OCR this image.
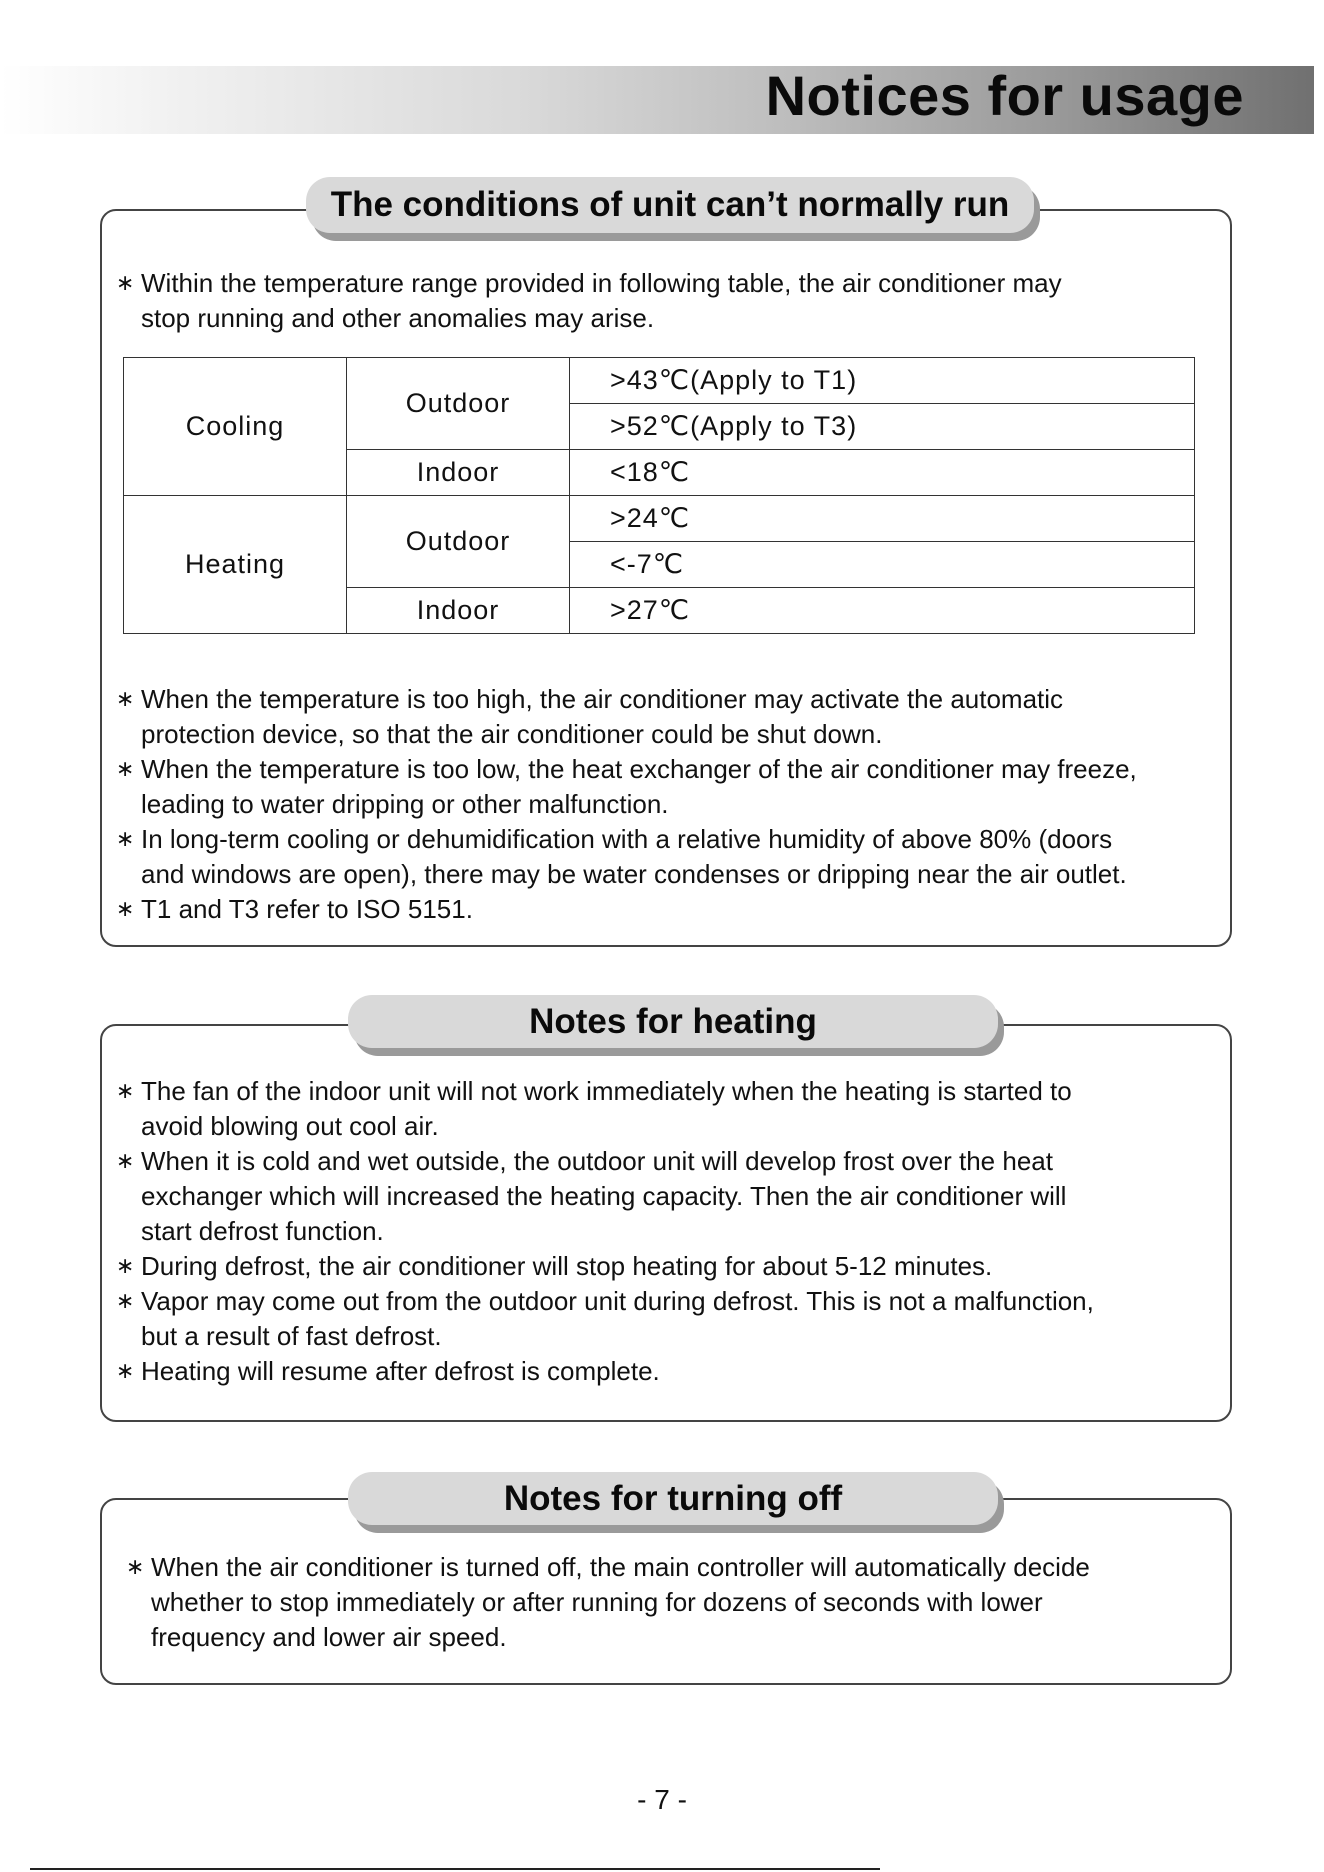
Notices for usage
The conditions of unit can’t normally run
∗ Within the temperature range provided in following table, the air conditioner may
stop running and other anomalies may arise.
Cooling	Outdoor	>43℃(Apply to T1)
		>52℃(Apply to T3)
	Indoor	<18℃
Heating	Outdoor	>24℃
		<-7℃
	Indoor	>27℃
∗ When the temperature is too high, the air conditioner may activate the automatic
protection device, so that the air conditioner could be shut down.
∗ When the temperature is too low, the heat exchanger of the air conditioner may freeze,
leading to water dripping or other malfunction.
∗ In long-term cooling or dehumidification with a relative humidity of above 80% (doors
and windows are open), there may be water condenses or dripping near the air outlet.
∗ T1 and T3 refer to ISO 5151.
Notes for heating
∗ The fan of the indoor unit will not work immediately when the heating is started to
avoid blowing out cool air.
∗ When it is cold and wet outside, the outdoor unit will develop frost over the heat
exchanger which will increased the heating capacity. Then the air conditioner will
start defrost function.
∗ During defrost, the air conditioner will stop heating for about 5-12 minutes.
∗ Vapor may come out from the outdoor unit during defrost. This is not a malfunction,
but a result of fast defrost.
∗ Heating will resume after defrost is complete.
Notes for turning off
∗ When the air conditioner is turned off, the main controller will automatically decide
whether to stop immediately or after running for dozens of seconds with lower
frequency and lower air speed.
- 7 -
